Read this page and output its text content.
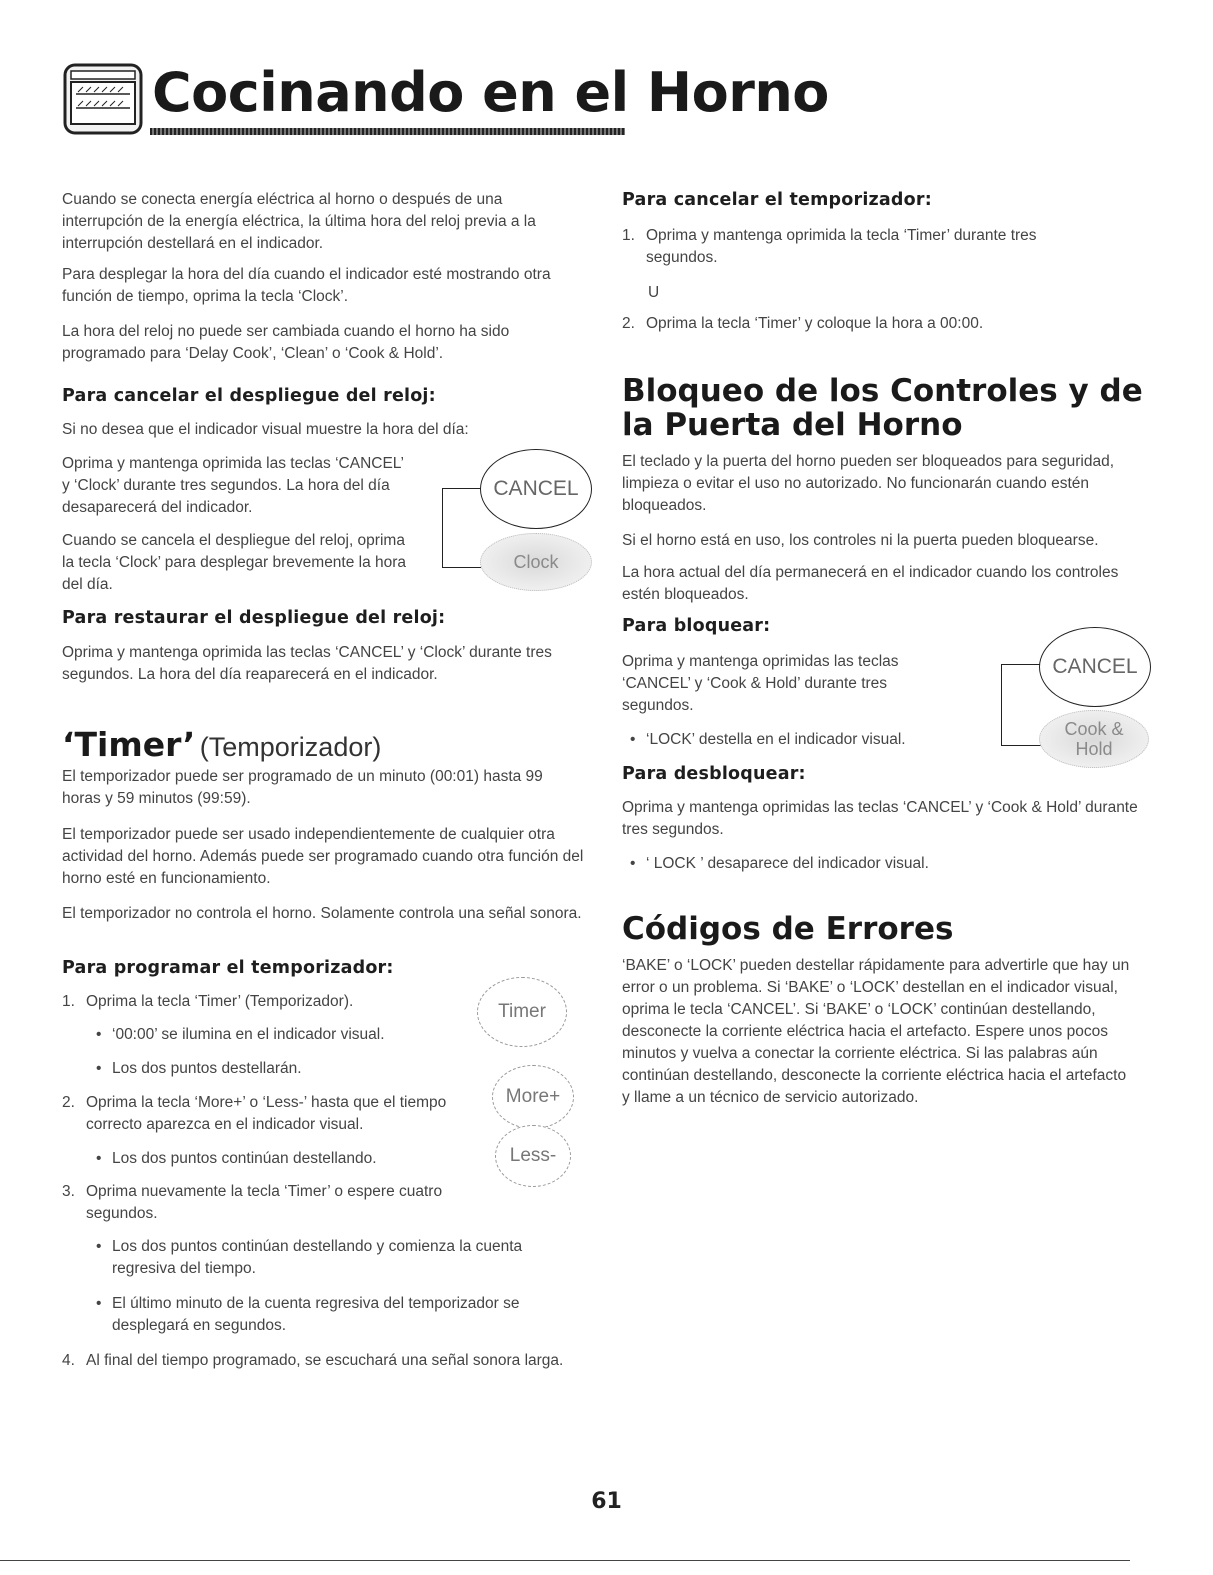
Cocinando en el Horno

Cuando se conecta energía eléctrica al horno o después de una interrupción de la energía eléctrica, la última hora del reloj previa a la interrupción destellará en el indicador.

Para desplegar la hora del día cuando el indicador esté mostrando otra función de tiempo, oprima la tecla ‘Clock’.

La hora del reloj no puede ser cambiada cuando el horno ha sido programado para ‘Delay Cook’, ‘Clean’ o ‘Cook & Hold’.

Para cancelar el despliegue del reloj:

Si no desea que el indicador visual muestre la hora del día:

Oprima y mantenga oprimida las teclas ‘CANCEL’ y ‘Clock’ durante tres segundos. La hora del día desaparecerá del indicador.

Cuando se cancela el despliegue del reloj, oprima la tecla ‘Clock’ para desplegar brevemente la hora del día.

CANCEL
Clock
Para restaurar el despliegue del reloj:

Oprima y mantenga oprimida las teclas ‘CANCEL’ y ‘Clock’ durante tres segundos. La hora del día reaparecerá en el indicador.

‘Timer’ (Temporizador)

El temporizador puede ser programado de un minuto (00:01) hasta 99 horas y 59 minutos (99:59).

El temporizador puede ser usado independientemente de cualquier otra actividad del horno. Además puede ser programado cuando otra función del horno esté en funcionamiento.

El temporizador no controla el horno. Solamente controla una señal sonora.

Para programar el temporizador:
1. Oprima la tecla ‘Timer’ (Temporizador).
• ‘00:00’ se ilumina en el indicador visual.
• Los dos puntos destellarán.
2. Oprima la tecla ‘More+’ o ‘Less-’ hasta que el tiempo correcto aparezca en el indicador visual.
• Los dos puntos continúan destellando.
3. Oprima nuevamente la tecla ‘Timer’ o espere cuatro segundos.
• Los dos puntos continúan destellando y comienza la cuenta regresiva del tiempo.
• El último minuto de la cuenta regresiva del temporizador se desplegará en segundos.
4. Al final del tiempo programado, se escuchará una señal sonora larga.
Timer
More+
Less-
Para cancelar el temporizador:
1. Oprima y mantenga oprimida la tecla ‘Timer’ durante tres segundos.
U
2. Oprima la tecla ‘Timer’ y coloque la hora a 00:00.
Bloqueo de los Controles y de la Puerta del Horno

El teclado y la puerta del horno pueden ser bloqueados para seguridad, limpieza o evitar el uso no autorizado. No funcionarán cuando estén bloqueados.

Si el horno está en uso, los controles ni la puerta pueden bloquearse.

La hora actual del día permanecerá en el indicador cuando los controles estén bloqueados.

Para bloquear:

Oprima y mantenga oprimidas las teclas ‘CANCEL’ y ‘Cook & Hold’ durante tres segundos.

• ‘LOCK’ destella en el indicador visual.
CANCEL
Cook & Hold
Para desbloquear:

Oprima y mantenga oprimidas las teclas ‘CANCEL’ y ‘Cook & Hold’ durante tres segundos.

• ‘ LOCK ’ desaparece del indicador visual.
Códigos de Errores

‘BAKE’ o ‘LOCK’ pueden destellar rápidamente para advertirle que hay un error o un problema. Si ‘BAKE’ o ‘LOCK’ destellan en el indicador visual, oprima le tecla ‘CANCEL’. Si ‘BAKE’ o ‘LOCK’ continúan destellando, desconecte la corriente eléctrica hacia el artefacto. Espere unos pocos minutos y vuelva a conectar la corriente eléctrica. Si las palabras aún continúan destellando, desconecte la corriente eléctrica hacia el artefacto y llame a un técnico de servicio autorizado.

61
